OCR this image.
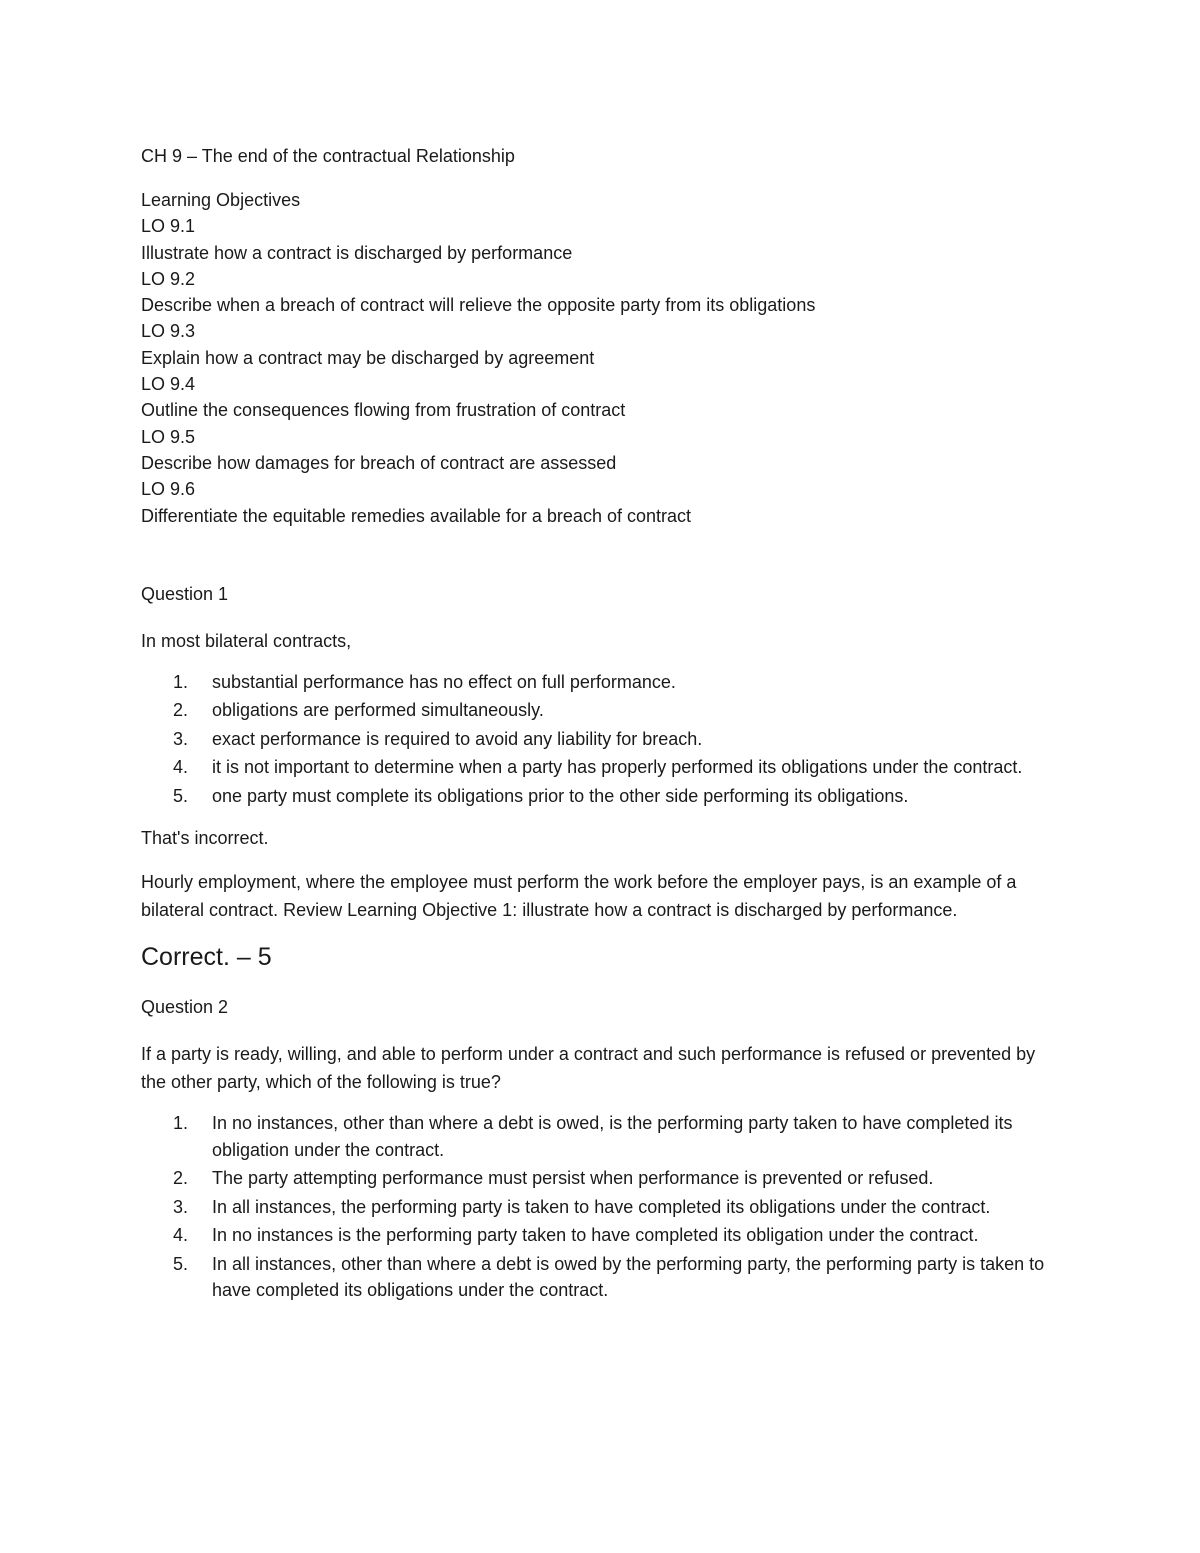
CH 9 – The end of the contractual Relationship
Learning Objectives
LO 9.1
Illustrate how a contract is discharged by performance
LO 9.2
Describe when a breach of contract will relieve the opposite party from its obligations
LO 9.3
Explain how a contract may be discharged by agreement
LO 9.4
Outline the consequences flowing from frustration of contract
LO 9.5
Describe how damages for breach of contract are assessed
LO 9.6
Differentiate the equitable remedies available for a breach of contract
Question 1
In most bilateral contracts,
1.	substantial performance has no effect on full performance.
2.	obligations are performed simultaneously.
3.	exact performance is required to avoid any liability for breach.
4.	it is not important to determine when a party has properly performed its obligations under the contract.
5.	one party must complete its obligations prior to the other side performing its obligations.
That's incorrect.
Hourly employment, where the employee must perform the work before the employer pays, is an example of a bilateral contract. Review Learning Objective 1: illustrate how a contract is discharged by performance.
Correct. – 5
Question 2
If a party is ready, willing, and able to perform under a contract and such performance is refused or prevented by the other party, which of the following is true?
1.	In no instances, other than where a debt is owed, is the performing party taken to have completed its obligation under the contract.
2.	The party attempting performance must persist when performance is prevented or refused.
3.	In all instances, the performing party is taken to have completed its obligations under the contract.
4.	In no instances is the performing party taken to have completed its obligation under the contract.
5.	In all instances, other than where a debt is owed by the performing party, the performing party is taken to have completed its obligations under the contract.
